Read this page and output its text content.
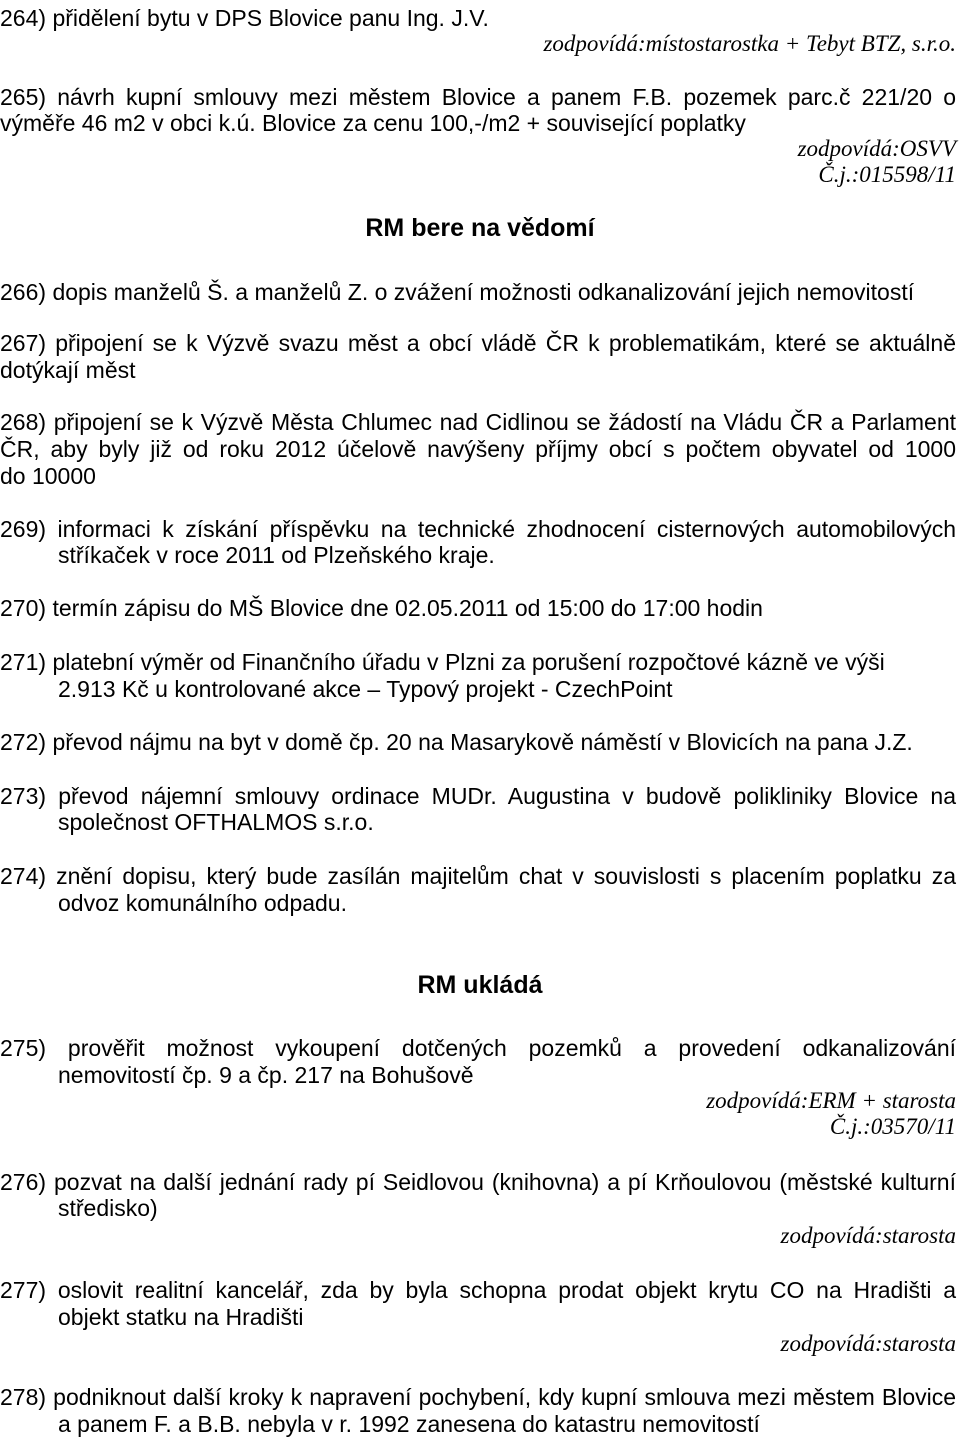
264) přidělení bytu v DPS Blovice panu Ing. J.V.
zodpovídá:místostarostka + Tebyt BTZ, s.r.o.
265) návrh kupní smlouvy mezi městem Blovice a panem F.B. pozemek parc.č 221/20 o
výměře 46 m2 v obci k.ú. Blovice za cenu 100,-/m2 + související poplatky
zodpovídá:OSVV
Č.j.:015598/11
RM bere na vědomí
266) dopis manželů Š. a manželů Z. o zvážení možnosti odkanalizování jejich nemovitostí
267) připojení se k Výzvě svazu měst a obcí vládě ČR k problematikám, které se aktuálně
dotýkají měst
268) připojení se k Výzvě Města Chlumec nad Cidlinou se žádostí na Vládu ČR a Parlament
ČR, aby byly již od roku 2012 účelově navýšeny příjmy obcí s počtem obyvatel od 1000
do 10000
269) informaci k získání příspěvku na technické zhodnocení cisternových automobilových
stříkaček v roce 2011 od Plzeňského kraje.
270) termín zápisu do MŠ Blovice dne 02.05.2011 od 15:00 do 17:00 hodin
271) platební výměr od Finančního úřadu v Plzni za porušení rozpočtové kázně ve výši
2.913 Kč u kontrolované akce – Typový projekt - CzechPoint
272) převod nájmu na byt v domě čp. 20 na Masarykově náměstí v Blovicích na pana J.Z.
273) převod nájemní smlouvy ordinace MUDr. Augustina v budově polikliniky Blovice na
společnost OFTHALMOS s.r.o.
274) znění dopisu, který bude zasílán majitelům chat v souvislosti s placením poplatku za
odvoz komunálního odpadu.
RM ukládá
275) prověřit možnost vykoupení dotčených pozemků a provedení odkanalizování
nemovitostí čp. 9 a čp. 217 na Bohušově
zodpovídá:ERM + starosta
Č.j.:03570/11
276) pozvat na další jednání rady pí Seidlovou (knihovna) a pí Krňoulovou (městské kulturní
středisko)
zodpovídá:starosta
277) oslovit realitní kancelář, zda by byla schopna prodat objekt krytu CO na Hradišti a
objekt statku na Hradišti
zodpovídá:starosta
278) podniknout další kroky k napravení pochybení, kdy kupní smlouva mezi městem Blovice
a panem F. a B.B. nebyla v r. 1992 zanesena do katastru nemovitostí
